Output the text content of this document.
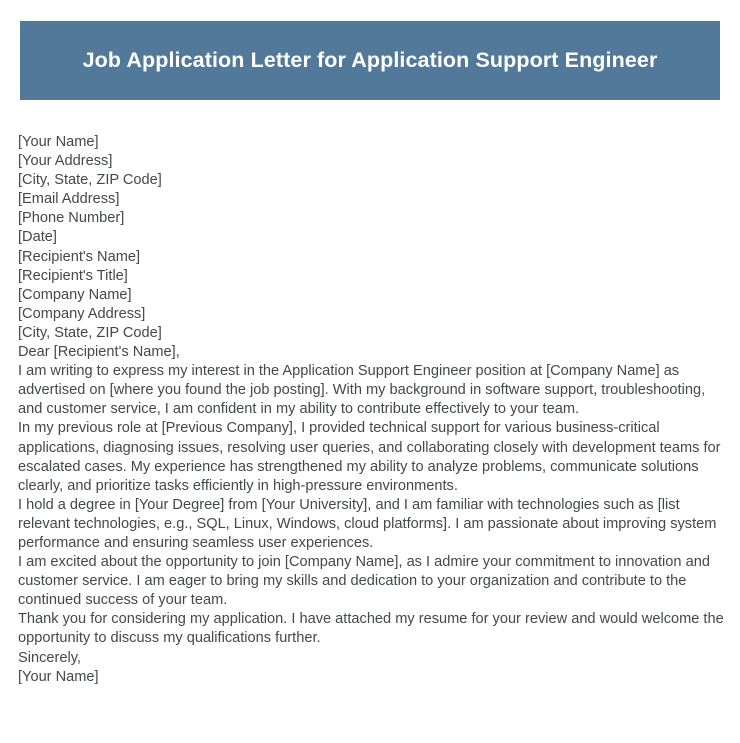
Job Application Letter for Application Support Engineer

[Your Name]

[Your Address]

[City, State, ZIP Code]

[Email Address]

[Phone Number]

[Date]

[Recipient's Name]

[Recipient's Title]

[Company Name]

[Company Address]

[City, State, ZIP Code]

Dear [Recipient's Name],

I am writing to express my interest in the Application Support Engineer position at [Company Name] as advertised on [where you found the job posting]. With my background in software support, troubleshooting, and customer service, I am confident in my ability to contribute effectively to your team.

In my previous role at [Previous Company], I provided technical support for various business-critical applications, diagnosing issues, resolving user queries, and collaborating closely with development teams for escalated cases. My experience has strengthened my ability to analyze problems, communicate solutions clearly, and prioritize tasks efficiently in high-pressure environments.

I hold a degree in [Your Degree] from [Your University], and I am familiar with technologies such as [list relevant technologies, e.g., SQL, Linux, Windows, cloud platforms]. I am passionate about improving system performance and ensuring seamless user experiences.

I am excited about the opportunity to join [Company Name], as I admire your commitment to innovation and customer service. I am eager to bring my skills and dedication to your organization and contribute to the continued success of your team.

Thank you for considering my application. I have attached my resume for your review and would welcome the opportunity to discuss my qualifications further.

Sincerely,

[Your Name]
